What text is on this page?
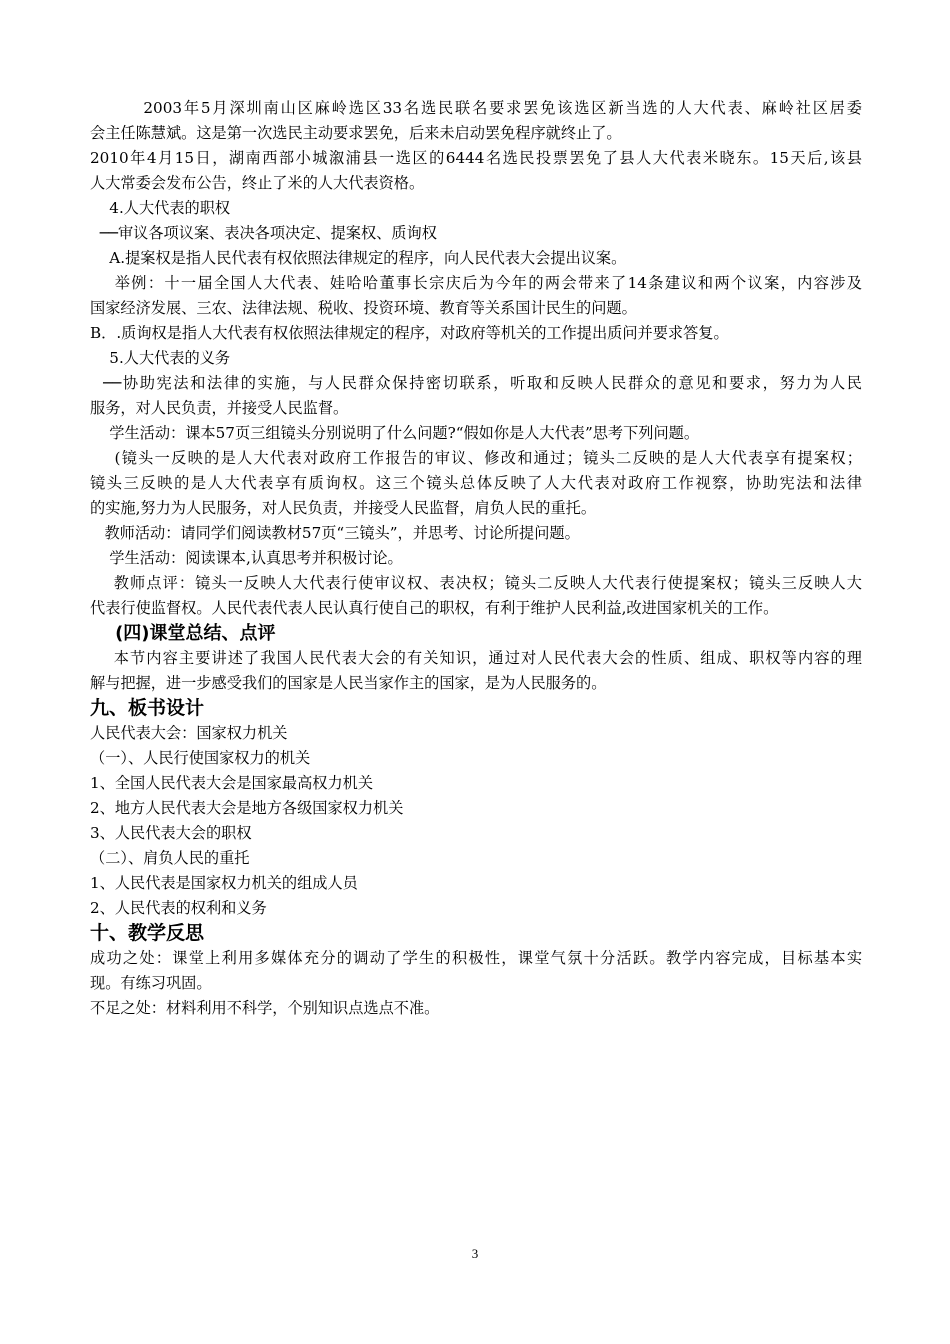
2003年5月深圳南山区麻岭选区33名选民联名要求罢免该选区新当选的人大代表、麻岭社区居委
会主任陈慧斌。这是第一次选民主动要求罢免，后来未启动罢免程序就终止了。
2010年4月15日，湖南西部小城溆浦县一选区的6444名选民投票罢免了县人大代表米晓东。15天后,该县
人大常委会发布公告，终止了米的人大代表资格。
4.人大代表的职权
──审议各项议案、表决各项决定、提案权、质询权
A.提案权是指人民代表有权依照法律规定的程序，向人民代表大会提出议案。
举例：十一届全国人大代表、娃哈哈董事长宗庆后为今年的两会带来了14条建议和两个议案，内容涉及
国家经济发展、三农、法律法规、税收、投资环境、教育等关系国计民生的问题。
B．.质询权是指人大代表有权依照法律规定的程序，对政府等机关的工作提出质问并要求答复。
5.人大代表的义务
──协助宪法和法律的实施，与人民群众保持密切联系，听取和反映人民群众的意见和要求，努力为人民
服务，对人民负责，并接受人民监督。
学生活动：课本57页三组镜头分别说明了什么问题?“假如你是人大代表”思考下列问题。
(镜头一反映的是人大代表对政府工作报告的审议、修改和通过；镜头二反映的是人大代表享有提案权；
镜头三反映的是人大代表享有质询权。这三个镜头总体反映了人大代表对政府工作视察，协助宪法和法律
的实施,努力为人民服务，对人民负责，并接受人民监督，肩负人民的重托。
教师活动：请同学们阅读教材57页“三镜头”，并思考、讨论所提问题。
学生活动：阅读课本,认真思考并积极讨论。
教师点评：镜头一反映人大代表行使审议权、表决权；镜头二反映人大代表行使提案权；镜头三反映人大
代表行使监督权。人民代表代表人民认真行使自己的职权，有利于维护人民利益,改进国家机关的工作。
(四)课堂总结、点评
本节内容主要讲述了我国人民代表大会的有关知识，通过对人民代表大会的性质、组成、职权等内容的理
解与把握，进一步感受我们的国家是人民当家作主的国家，是为人民服务的。
九、板书设计
人民代表大会：国家权力机关
（一）、人民行使国家权力的机关
1、全国人民代表大会是国家最高权力机关
2、地方人民代表大会是地方各级国家权力机关
3、人民代表大会的职权
（二）、肩负人民的重托
1、人民代表是国家权力机关的组成人员
2、人民代表的权利和义务
十、教学反思
成功之处：课堂上利用多媒体充分的调动了学生的积极性，课堂气氛十分活跃。教学内容完成，目标基本实
现。有练习巩固。
不足之处：材料利用不科学，个别知识点选点不准。
3
